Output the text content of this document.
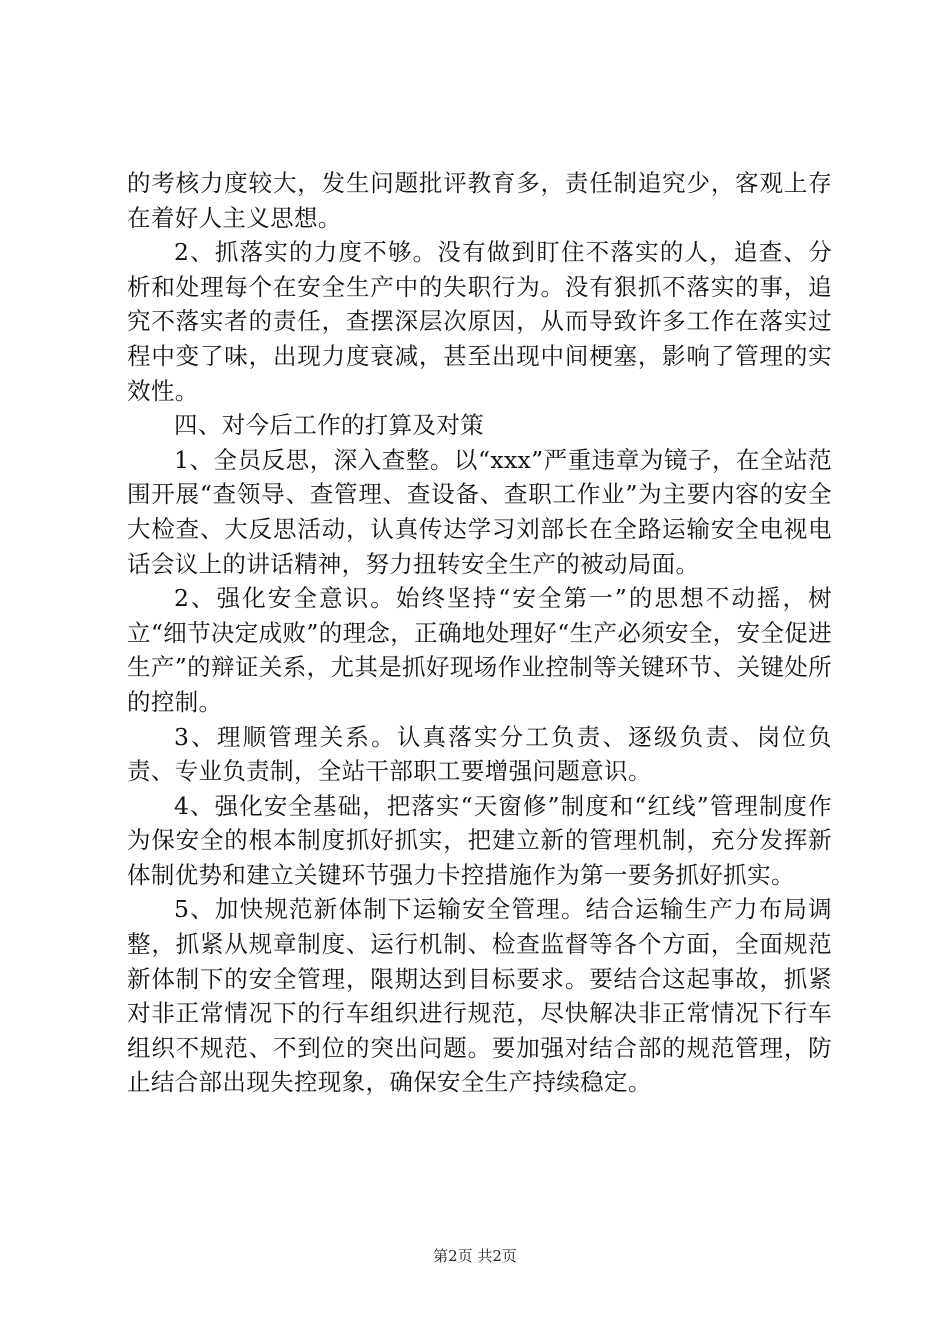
的考核力度较大，发生问题批评教育多，责任制追究少，客观上存在着好人主义思想。

2、抓落实的力度不够。没有做到盯住不落实的人，追查、分析和处理每个在安全生产中的失职行为。没有狠抓不落实的事，追究不落实者的责任，查摆深层次原因，从而导致许多工作在落实过程中变了味，出现力度衰减，甚至出现中间梗塞，影响了管理的实效性。

四、对今后工作的打算及对策

1、全员反思，深入查整。以“xxx”严重违章为镜子，在全站范围开展“查领导、查管理、查设备、查职工作业”为主要内容的安全大检查、大反思活动，认真传达学习刘部长在全路运输安全电视电话会议上的讲话精神，努力扭转安全生产的被动局面。

2、强化安全意识。始终坚持“安全第一”的思想不动摇，树立“细节决定成败”的理念，正确地处理好“生产必须安全，安全促进生产”的辩证关系，尤其是抓好现场作业控制等关键环节、关键处所的控制。

3、理顺管理关系。认真落实分工负责、逐级负责、岗位负责、专业负责制，全站干部职工要增强问题意识。

4、强化安全基础，把落实“天窗修”制度和“红线”管理制度作为保安全的根本制度抓好抓实，把建立新的管理机制，充分发挥新体制优势和建立关键环节强力卡控措施作为第一要务抓好抓实。

5、加快规范新体制下运输安全管理。结合运输生产力布局调整，抓紧从规章制度、运行机制、检查监督等各个方面，全面规范新体制下的安全管理，限期达到目标要求。要结合这起事故，抓紧对非正常情况下的行车组织进行规范，尽快解决非正常情况下行车组织不规范、不到位的突出问题。要加强对结合部的规范管理，防止结合部出现失控现象，确保安全生产持续稳定。

第2页 共2页
